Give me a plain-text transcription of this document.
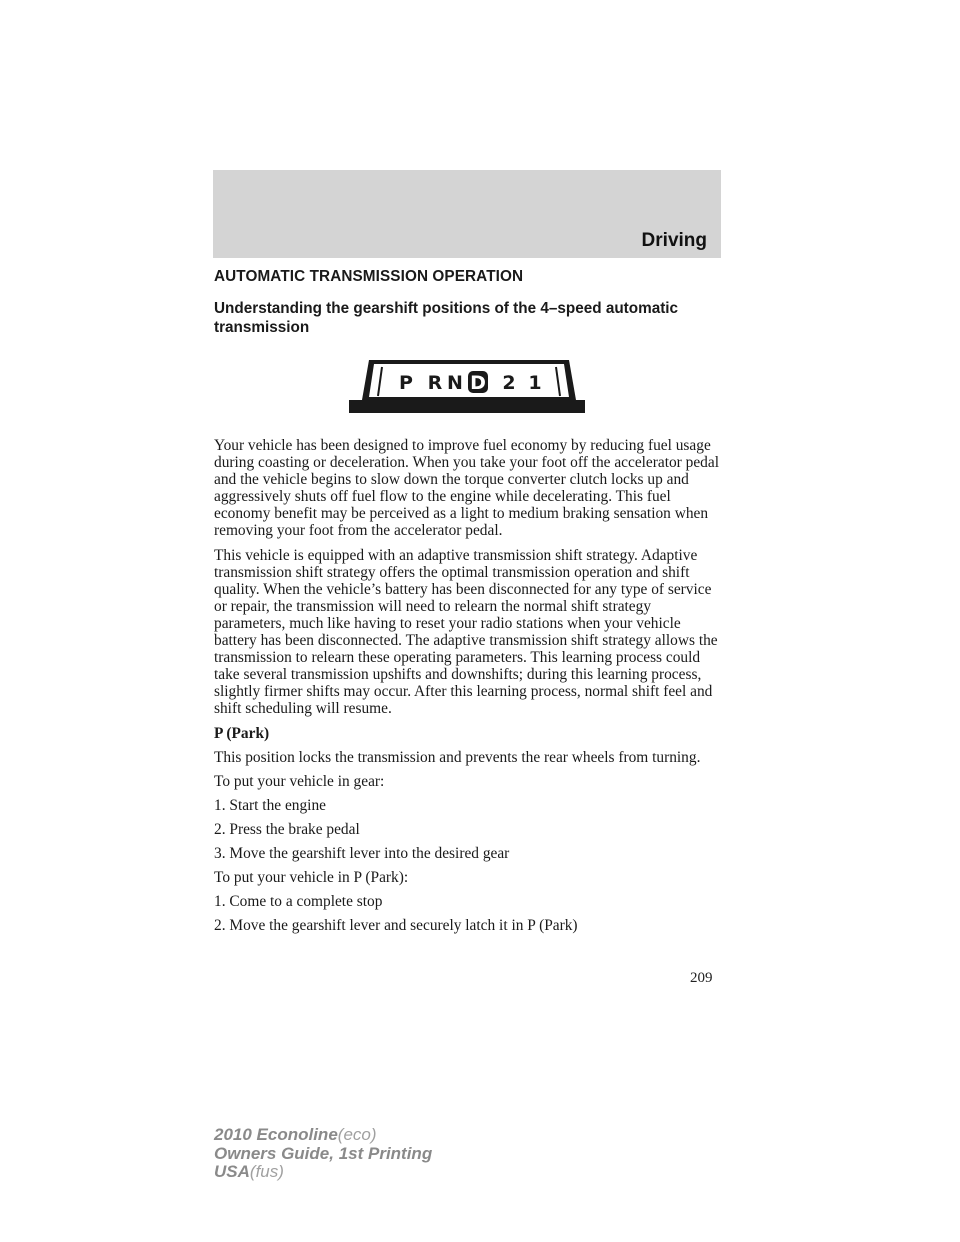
Driving
AUTOMATIC TRANSMISSION OPERATION
Understanding the gearshift positions of the 4–speed automatic transmission
P R N D 2 1

Your vehicle has been designed to improve fuel economy by reducing fuel usage during coasting or deceleration. When you take your foot off the accelerator pedal and the vehicle begins to slow down the torque converter clutch locks up and aggressively shuts off fuel flow to the engine while decelerating. This fuel economy benefit may be perceived as a light to medium braking sensation when removing your foot from the accelerator pedal.

This vehicle is equipped with an adaptive transmission shift strategy. Adaptive transmission shift strategy offers the optimal transmission operation and shift quality. When the vehicle’s battery has been disconnected for any type of service or repair, the transmission will need to relearn the normal shift strategy parameters, much like having to reset your radio stations when your vehicle battery has been disconnected. The adaptive transmission shift strategy allows the transmission to relearn these operating parameters. This learning process could take several transmission upshifts and downshifts; during this learning process, slightly firmer shifts may occur. After this learning process, normal shift feel and shift scheduling will resume.

P (Park)

This position locks the transmission and prevents the rear wheels from turning.

To put your vehicle in gear:

1. Start the engine

2. Press the brake pedal

3. Move the gearshift lever into the desired gear

To put your vehicle in P (Park):

1. Come to a complete stop

2. Move the gearshift lever and securely latch it in P (Park)

209
2010 Econoline(eco)
Owners Guide, 1st Printing
USA(fus)
